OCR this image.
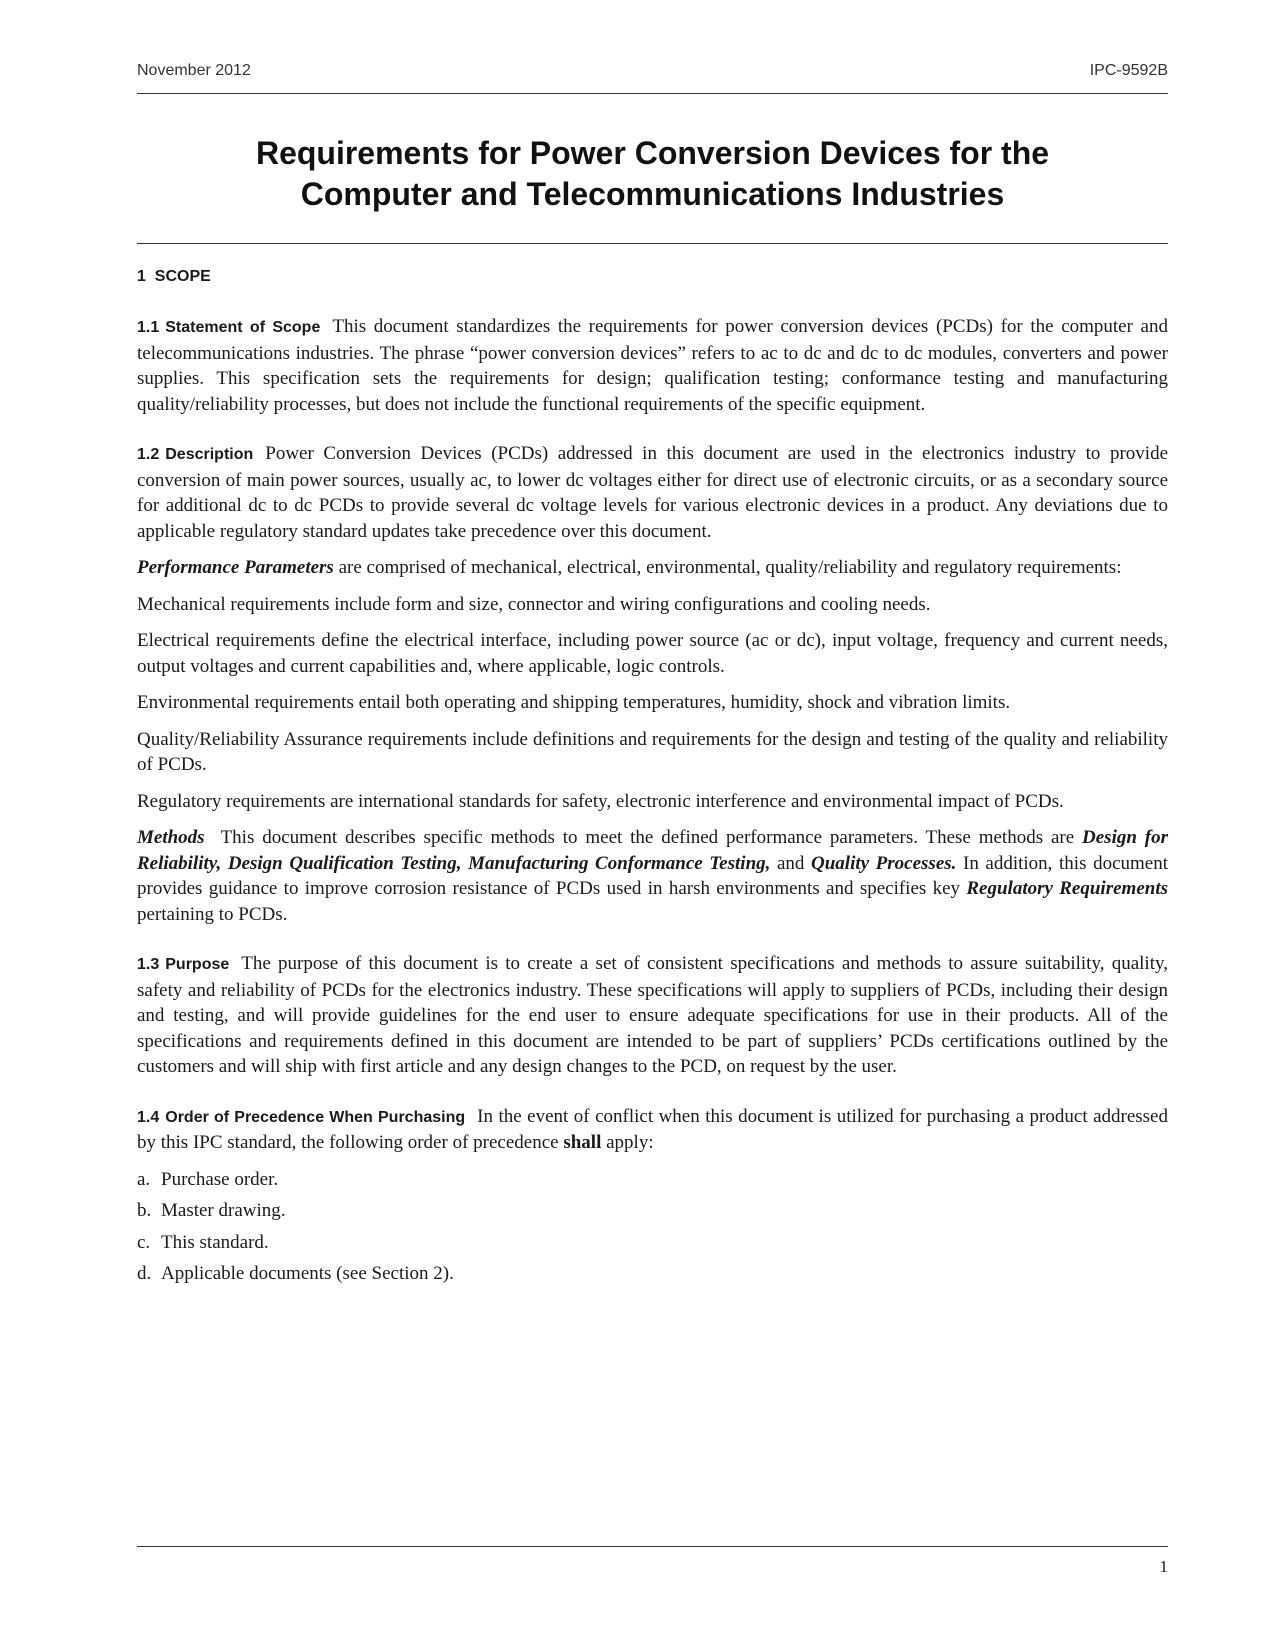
November 2012	IPC-9592B
Requirements for Power Conversion Devices for the
Computer and Telecommunications Industries
1 SCOPE

1.1 Statement of Scope This document standardizes the requirements for power conversion devices (PCDs) for the computer and telecommunications industries. The phrase “power conversion devices” refers to ac to dc and dc to dc modules, converters and power supplies. This specification sets the requirements for design; qualification testing; conformance testing and manufacturing quality/reliability processes, but does not include the functional requirements of the specific equipment.

1.2 Description Power Conversion Devices (PCDs) addressed in this document are used in the electronics industry to provide conversion of main power sources, usually ac, to lower dc voltages either for direct use of electronic circuits, or as a secondary source for additional dc to dc PCDs to provide several dc voltage levels for various electronic devices in a product. Any deviations due to applicable regulatory standard updates take precedence over this document.

Performance Parameters are comprised of mechanical, electrical, environmental, quality/reliability and regulatory requirements:

Mechanical requirements include form and size, connector and wiring configurations and cooling needs.

Electrical requirements define the electrical interface, including power source (ac or dc), input voltage, frequency and current needs, output voltages and current capabilities and, where applicable, logic controls.

Environmental requirements entail both operating and shipping temperatures, humidity, shock and vibration limits.

Quality/Reliability Assurance requirements include definitions and requirements for the design and testing of the quality and reliability of PCDs.

Regulatory requirements are international standards for safety, electronic interference and environmental impact of PCDs.

Methods This document describes specific methods to meet the defined performance parameters. These methods are Design for Reliability, Design Qualification Testing, Manufacturing Conformance Testing, and Quality Processes. In addition, this document provides guidance to improve corrosion resistance of PCDs used in harsh environments and specifies key Regulatory Requirements pertaining to PCDs.

1.3 Purpose The purpose of this document is to create a set of consistent specifications and methods to assure suitability, quality, safety and reliability of PCDs for the electronics industry. These specifications will apply to suppliers of PCDs, including their design and testing, and will provide guidelines for the end user to ensure adequate specifications for use in their products. All of the specifications and requirements defined in this document are intended to be part of suppliers’ PCDs certifications outlined by the customers and will ship with first article and any design changes to the PCD, on request by the user.

1.4 Order of Precedence When Purchasing In the event of conflict when this document is utilized for purchasing a product addressed by this IPC standard, the following order of precedence shall apply:

a. Purchase order.
b. Master drawing.
c. This standard.
d. Applicable documents (see Section 2).
1
